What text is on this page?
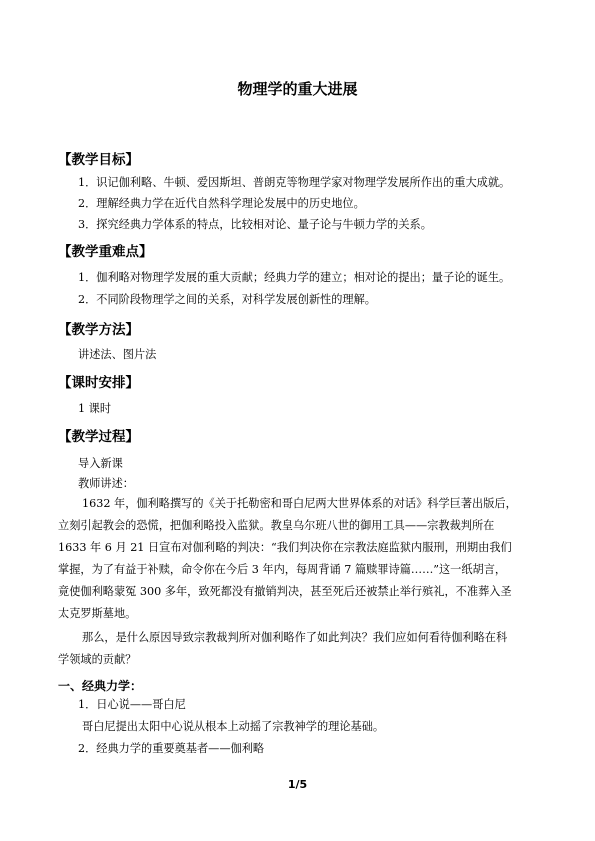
物理学的重大进展
【教学目标】
1．识记伽利略、牛顿、爱因斯坦、普朗克等物理学家对物理学发展所作出的重大成就。
2．理解经典力学在近代自然科学理论发展中的历史地位。
3．探究经典力学体系的特点，比较相对论、量子论与牛顿力学的关系。
【教学重难点】
1．伽利略对物理学发展的重大贡献；经典力学的建立；相对论的提出；量子论的诞生。
2．不同阶段物理学之间的关系，对科学发展创新性的理解。
【教学方法】
讲述法、图片法
【课时安排】
1 课时
【教学过程】
导入新课
教师讲述：
1632 年，伽利略撰写的《关于托勒密和哥白尼两大世界体系的对话》科学巨著出版后，
立刻引起教会的恐慌，把伽利略投入监狱。教皇乌尔班八世的御用工具——宗教裁判所在
1633 年 6 月 21 日宣布对伽利略的判决：“我们判决你在宗教法庭监狱内服刑，刑期由我们
掌握，为了有益于补赎，命令你在今后 3 年内，每周背诵 7 篇赎罪诗篇……”这一纸胡言，
竟使伽利略蒙冤 300 多年，致死都没有撤销判决，甚至死后还被禁止举行殡礼，不准葬入圣
太克罗斯墓地。
那么，是什么原因导致宗教裁判所对伽利略作了如此判决？我们应如何看待伽利略在科
学领域的贡献？
一、经典力学：
1．日心说——哥白尼
哥白尼提出太阳中心说从根本上动摇了宗教神学的理论基础。
2．经典力学的重要奠基者——伽利略
1/5
